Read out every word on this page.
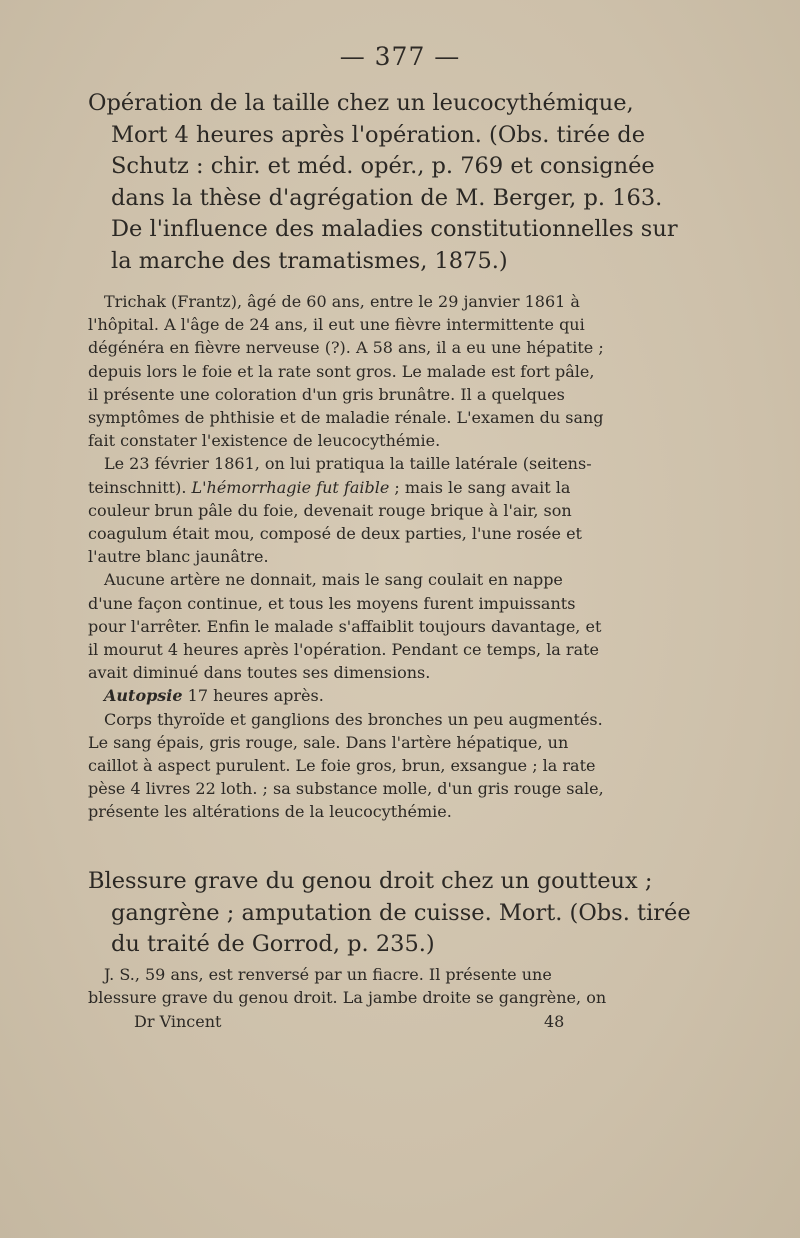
— 377 —
Opération de la taille chez un leucocythémique,
Mort 4 heures après l'opération. (Obs. tirée de
Schutz : chir. et méd. opér., p. 769 et consignée
dans la thèse d'agrégation de M. Berger, p. 163.
De l'influence des maladies constitutionnelles sur
la marche des tramatismes, 1875.)
Trichak (Frantz), âgé de 60 ans, entre le 29 janvier 1861 à
l'hôpital. A l'âge de 24 ans, il eut une fièvre intermittente qui
dégénéra en fièvre nerveuse (?). A 58 ans, il a eu une hépatite ;
depuis lors le foie et la rate sont gros. Le malade est fort pâle,
il présente une coloration d'un gris brunâtre. Il a quelques
symptômes de phthisie et de maladie rénale. L'examen du sang
fait constater l'existence de leucocythémie.
Le 23 février 1861, on lui pratiqua la taille latérale (seitens-
teinschnitt). L'hémorrhagie fut faible ; mais le sang avait la
couleur brun pâle du foie, devenait rouge brique à l'air, son
coagulum était mou, composé de deux parties, l'une rosée et
l'autre blanc jaunâtre.
Aucune artère ne donnait, mais le sang coulait en nappe
d'une façon continue, et tous les moyens furent impuissants
pour l'arrêter. Enfin le malade s'affaiblit toujours davantage, et
il mourut 4 heures après l'opération. Pendant ce temps, la rate
avait diminué dans toutes ses dimensions.
Autopsie 17 heures après.
Corps thyroïde et ganglions des bronches un peu augmentés.
Le sang épais, gris rouge, sale. Dans l'artère hépatique, un
caillot à aspect purulent. Le foie gros, brun, exsangue ; la rate
pèse 4 livres 22 loth. ; sa substance molle, d'un gris rouge sale,
présente les altérations de la leucocythémie.
Blessure grave du genou droit chez un goutteux ;
gangrène ; amputation de cuisse. Mort. (Obs. tirée
du traité de Gorrod, p. 235.)
J. S., 59 ans, est renversé par un fiacre. Il présente une
blessure grave du genou droit. La jambe droite se gangrène, on
Dr Vincent	48
